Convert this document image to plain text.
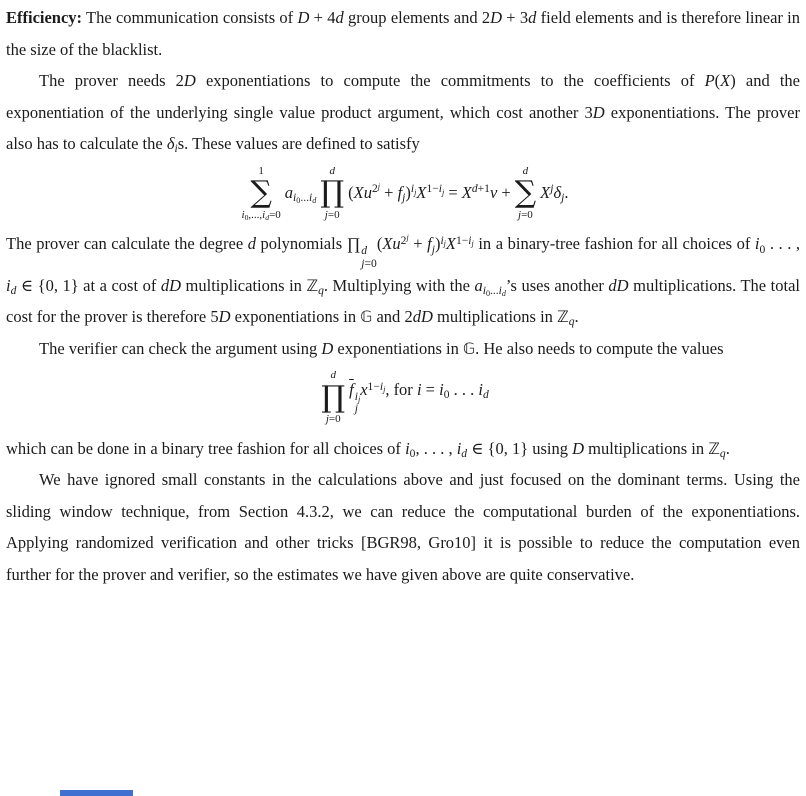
Efficiency: The communication consists of D + 4d group elements and 2D + 3d field elements and is therefore linear in the size of the blacklist.

The prover needs 2D exponentiations to compute the commitments to the coefficients of P(X) and the exponentiation of the underlying single value product argument, which cost another 3D exponentiations. The prover also has to calculate the δis. These values are defined to satisfy

1
∑
i0,...,id=0
ai0...id
d
∏
j=0
$(Xu^{2^j} + fj)^{ij}X^{1-ij} = X^{d+1}v$ +
d
∑
j=0
$X^j\delta j$.

The prover can calculate the degree d polynomials ∏ d
j=0
$(Xu^{2^j} + fj)^{ij}X^{1-ij}$ in a binary-tree fashion for all choices of i0 . . . , id ∈ {0, 1} at a cost of dD multiplications in ℤq. Multiplying with the ai0...id’s uses another dD multiplications. The total cost for the prover is therefore 5D exponentiations in 𝔾 and 2dD multiplications in ℤq.

The verifier can check the argument using D exponentiations in 𝔾. He also needs to compute the values

d
∏
j=0
$\overline{f}$ ij
j
$x^{1-ij}$, for i = i0 . . . id

which can be done in a binary tree fashion for all choices of i0, . . . , id ∈ {0, 1} using D multiplications in ℤq.

We have ignored small constants in the calculations above and just focused on the dominant terms. Using the sliding window technique, from Section 4.3.2, we can reduce the computational burden of the exponentiations. Applying randomized verification and other tricks [BGR98, Gro10] it is possible to reduce the computation even further for the prover and verifier, so the estimates we have given above are quite conservative.
